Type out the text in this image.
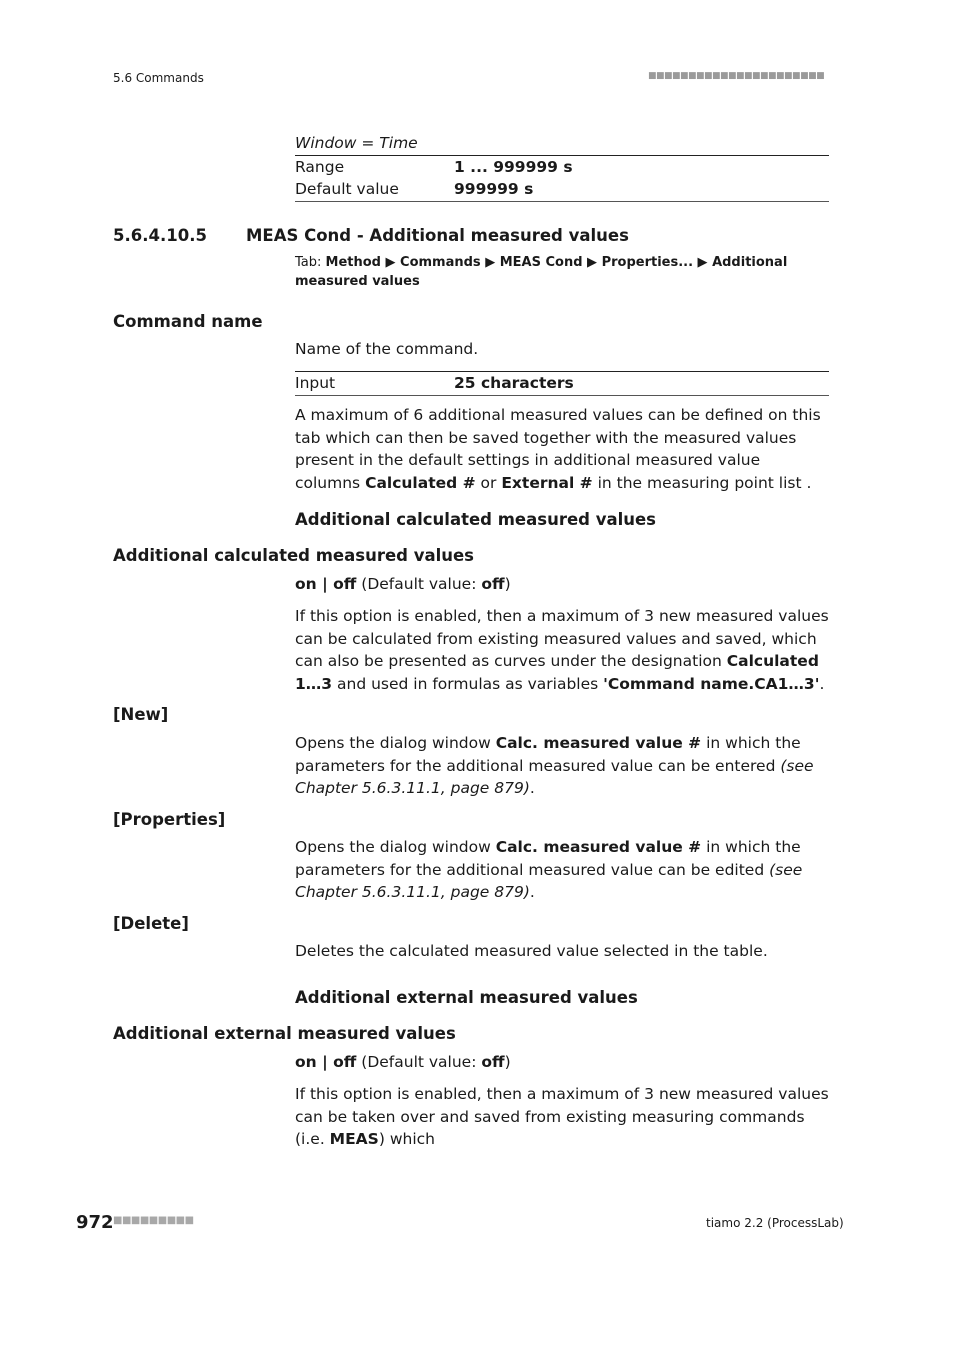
5.6 Commands	■■■■■■■■■■■■■■■■■■■■■■
Window = Time
Range	1 ... 999999 s
Default value	999999 s
5.6.4.10.5 MEAS Cond - Additional measured values
Tab: Method ▶ Commands ▶ MEAS Cond ▶ Properties... ▶ Additional measured values
Command name
Name of the command.
Input	25 characters
A maximum of 6 additional measured values can be defined on this tab which can then be saved together with the measured values present in the default settings in additional measured value columns Calculated # or External # in the measuring point list .
Additional calculated measured values
Additional calculated measured values
on | off (Default value: off)
If this option is enabled, then a maximum of 3 new measured values can be calculated from existing measured values and saved, which can also be presented as curves under the designation Calculated 1…3 and used in formulas as variables 'Command name.CA1…3'.
[New]
Opens the dialog window Calc. measured value # in which the parameters for the additional measured value can be entered (see Chapter 5.6.3.11.1, page 879).
[Properties]
Opens the dialog window Calc. measured value # in which the parameters for the additional measured value can be edited (see Chapter 5.6.3.11.1, page 879).
[Delete]
Deletes the calculated measured value selected in the table.
Additional external measured values
Additional external measured values
on | off (Default value: off)
If this option is enabled, then a maximum of 3 new measured values can be taken over and saved from existing measuring commands (i.e. MEAS) which
972 ■■■■■■■■■	tiamo 2.2 (ProcessLab)
